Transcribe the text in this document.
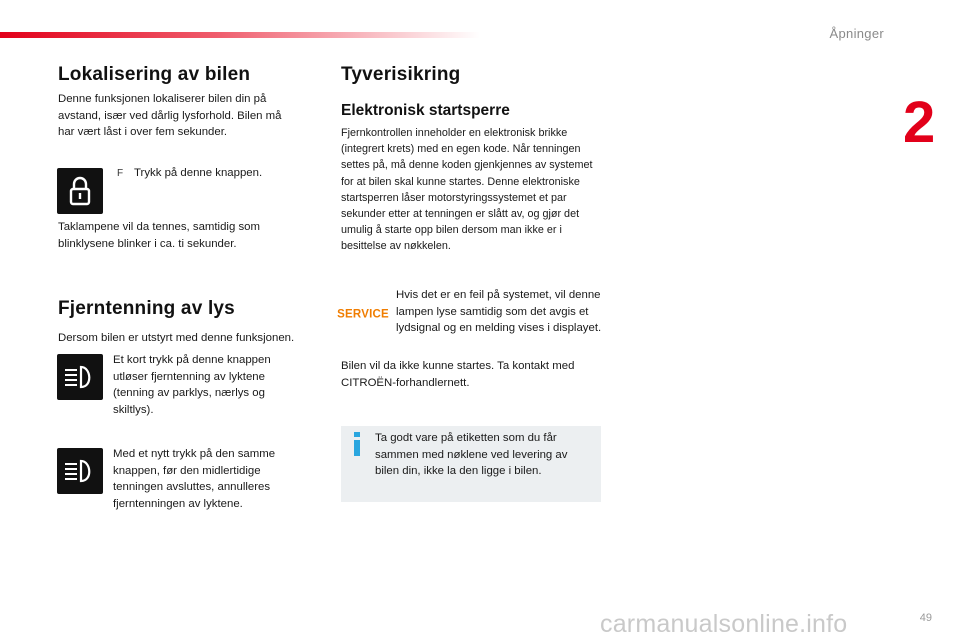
Åpninger
2
Lokalisering av bilen

Denne funksjonen lokaliserer bilen din på avstand, især ved dårlig lysforhold. Bilen må har vært låst i over fem sekunder.

F Trykk på denne knappen.

Taklampene vil da tennes, samtidig som blinklysene blinker i ca. ti sekunder.

Fjerntenning av lys

Dersom bilen er utstyrt med denne funksjonen.

Et kort trykk på denne knappen utløser fjerntenning av lyktene (tenning av parklys, nærlys og skiltlys).

Med et nytt trykk på den samme knappen, før den midlertidige tenningen avsluttes, annulleres fjerntenningen av lyktene.

Tyverisikring
Elektronisk startsperre

Fjernkontrollen inneholder en elektronisk brikke (integrert krets) med en egen kode. Når tenningen settes på, må denne koden gjenkjennes av systemet for at bilen skal kunne startes. Denne elektroniske startsperren låser motorstyringssystemet et par sekunder etter at tenningen er slått av, og gjør det umulig å starte opp bilen dersom man ikke er i besittelse av nøkkelen.

SERVICE

Hvis det er en feil på systemet, vil denne lampen lyse samtidig som det avgis et lydsignal og en melding vises i displayet.

Bilen vil da ikke kunne startes. Ta kontakt med CITROËN-forhandlernett.

Ta godt vare på etiketten som du får sammen med nøklene ved levering av bilen din, ikke la den ligge i bilen.

carmanualsonline.info	49
